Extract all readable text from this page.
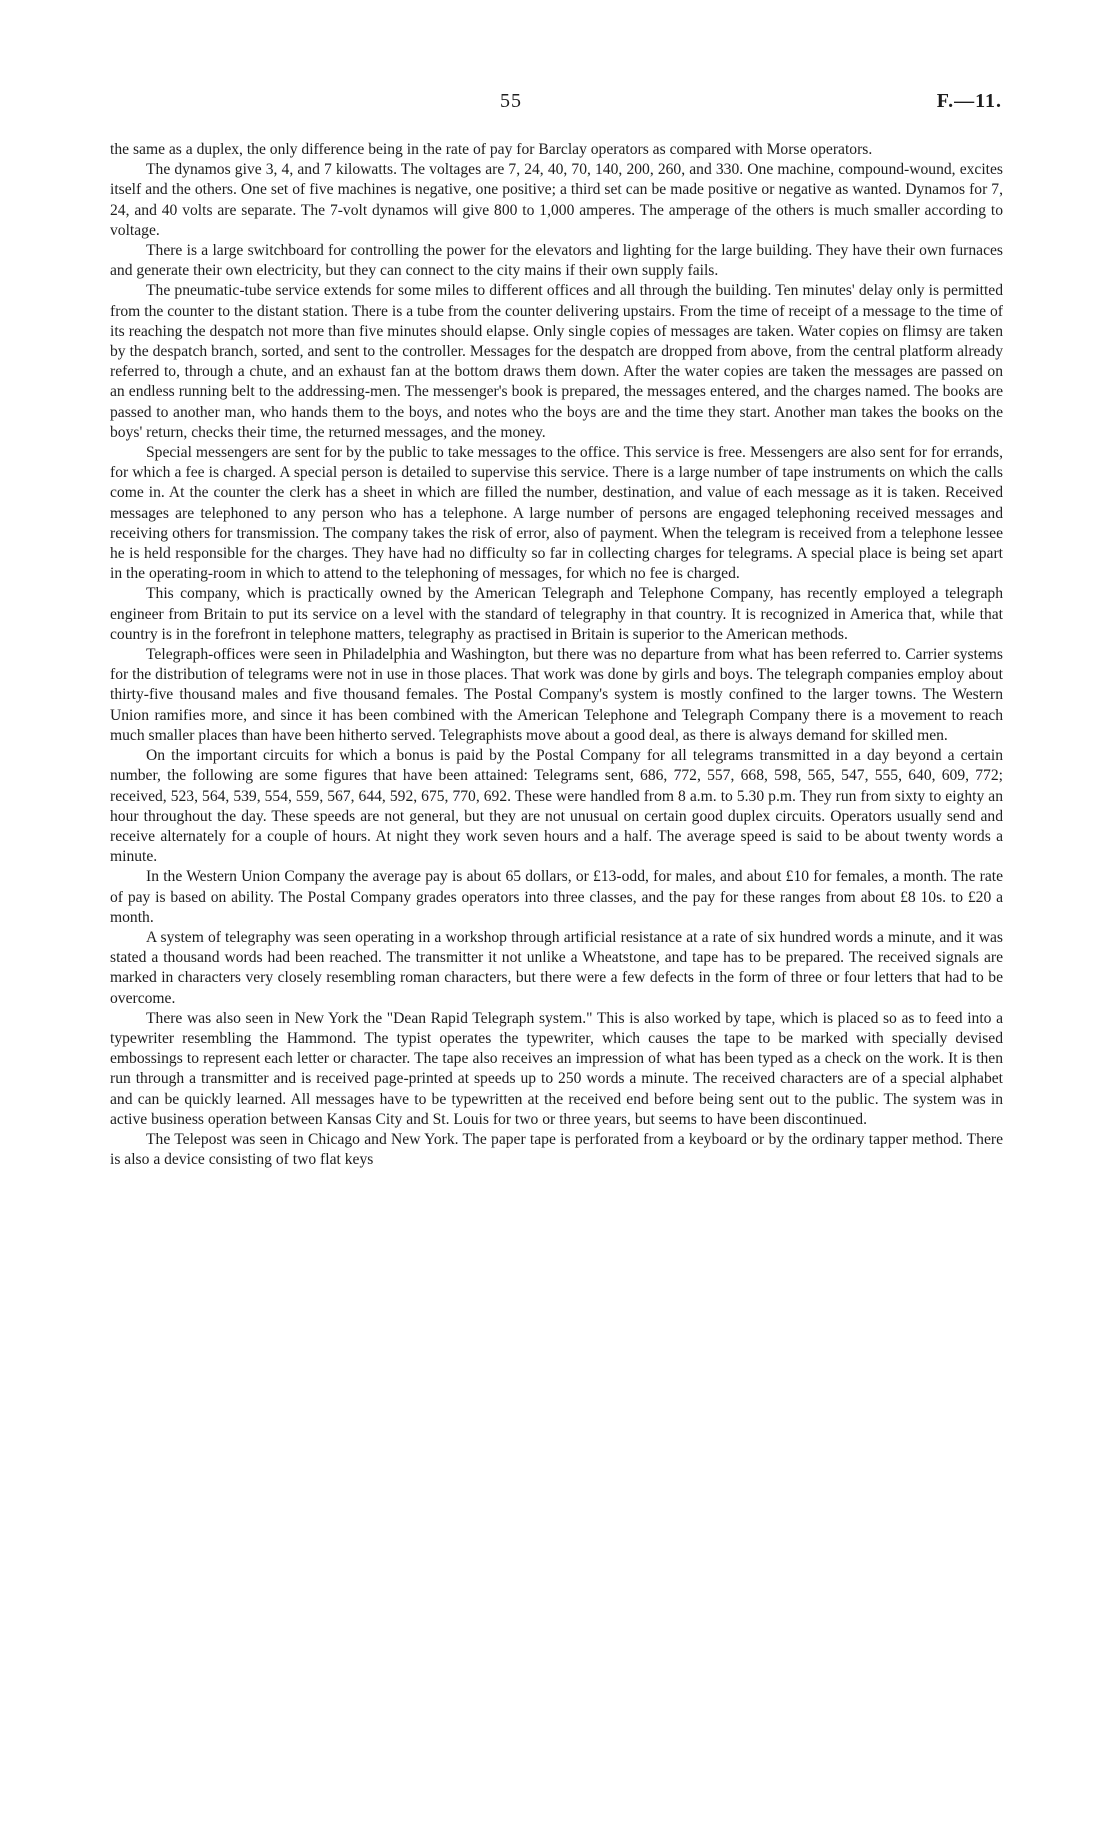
55	F.—11.

the same as a duplex, the only difference being in the rate of pay for Barclay operators as compared with Morse operators.

The dynamos give 3, 4, and 7 kilowatts. The voltages are 7, 24, 40, 70, 140, 200, 260, and 330. One machine, compound-wound, excites itself and the others. One set of five machines is negative, one positive; a third set can be made positive or negative as wanted. Dynamos for 7, 24, and 40 volts are separate. The 7-volt dynamos will give 800 to 1,000 amperes. The amperage of the others is much smaller according to voltage.

There is a large switchboard for controlling the power for the elevators and lighting for the large building. They have their own furnaces and generate their own electricity, but they can connect to the city mains if their own supply fails.

The pneumatic-tube service extends for some miles to different offices and all through the building. Ten minutes' delay only is permitted from the counter to the distant station. There is a tube from the counter delivering upstairs. From the time of receipt of a message to the time of its reaching the despatch not more than five minutes should elapse. Only single copies of messages are taken. Water copies on flimsy are taken by the despatch branch, sorted, and sent to the controller. Messages for the despatch are dropped from above, from the central platform already referred to, through a chute, and an exhaust fan at the bottom draws them down. After the water copies are taken the messages are passed on an endless running belt to the addressing-men. The messenger's book is prepared, the messages entered, and the charges named. The books are passed to another man, who hands them to the boys, and notes who the boys are and the time they start. Another man takes the books on the boys' return, checks their time, the returned messages, and the money.

Special messengers are sent for by the public to take messages to the office. This service is free. Messengers are also sent for for errands, for which a fee is charged. A special person is detailed to supervise this service. There is a large number of tape instruments on which the calls come in. At the counter the clerk has a sheet in which are filled the number, destination, and value of each message as it is taken. Received messages are telephoned to any person who has a telephone. A large number of persons are engaged telephoning received messages and receiving others for transmission. The company takes the risk of error, also of payment. When the telegram is received from a telephone lessee he is held responsible for the charges. They have had no difficulty so far in collecting charges for telegrams. A special place is being set apart in the operating-room in which to attend to the telephoning of messages, for which no fee is charged.

This company, which is practically owned by the American Telegraph and Telephone Company, has recently employed a telegraph engineer from Britain to put its service on a level with the standard of telegraphy in that country. It is recognized in America that, while that country is in the forefront in telephone matters, telegraphy as practised in Britain is superior to the American methods.

Telegraph-offices were seen in Philadelphia and Washington, but there was no departure from what has been referred to. Carrier systems for the distribution of telegrams were not in use in those places. That work was done by girls and boys. The telegraph companies employ about thirty-five thousand males and five thousand females. The Postal Company's system is mostly confined to the larger towns. The Western Union ramifies more, and since it has been combined with the American Telephone and Telegraph Company there is a movement to reach much smaller places than have been hitherto served. Telegraphists move about a good deal, as there is always demand for skilled men.

On the important circuits for which a bonus is paid by the Postal Company for all telegrams transmitted in a day beyond a certain number, the following are some figures that have been attained: Telegrams sent, 686, 772, 557, 668, 598, 565, 547, 555, 640, 609, 772; received, 523, 564, 539, 554, 559, 567, 644, 592, 675, 770, 692. These were handled from 8 a.m. to 5.30 p.m. They run from sixty to eighty an hour throughout the day. These speeds are not general, but they are not unusual on certain good duplex circuits. Operators usually send and receive alternately for a couple of hours. At night they work seven hours and a half. The average speed is said to be about twenty words a minute.

In the Western Union Company the average pay is about 65 dollars, or £13-odd, for males, and about £10 for females, a month. The rate of pay is based on ability. The Postal Company grades operators into three classes, and the pay for these ranges from about £8 10s. to £20 a month.

A system of telegraphy was seen operating in a workshop through artificial resistance at a rate of six hundred words a minute, and it was stated a thousand words had been reached. The transmitter it not unlike a Wheatstone, and tape has to be prepared. The received signals are marked in characters very closely resembling roman characters, but there were a few defects in the form of three or four letters that had to be overcome.

There was also seen in New York the "Dean Rapid Telegraph system." This is also worked by tape, which is placed so as to feed into a typewriter resembling the Hammond. The typist operates the typewriter, which causes the tape to be marked with specially devised embossings to represent each letter or character. The tape also receives an impression of what has been typed as a check on the work. It is then run through a transmitter and is received page-printed at speeds up to 250 words a minute. The received characters are of a special alphabet and can be quickly learned. All messages have to be typewritten at the received end before being sent out to the public. The system was in active business operation between Kansas City and St. Louis for two or three years, but seems to have been discontinued.

The Telepost was seen in Chicago and New York. The paper tape is perforated from a keyboard or by the ordinary tapper method. There is also a device consisting of two flat keys
